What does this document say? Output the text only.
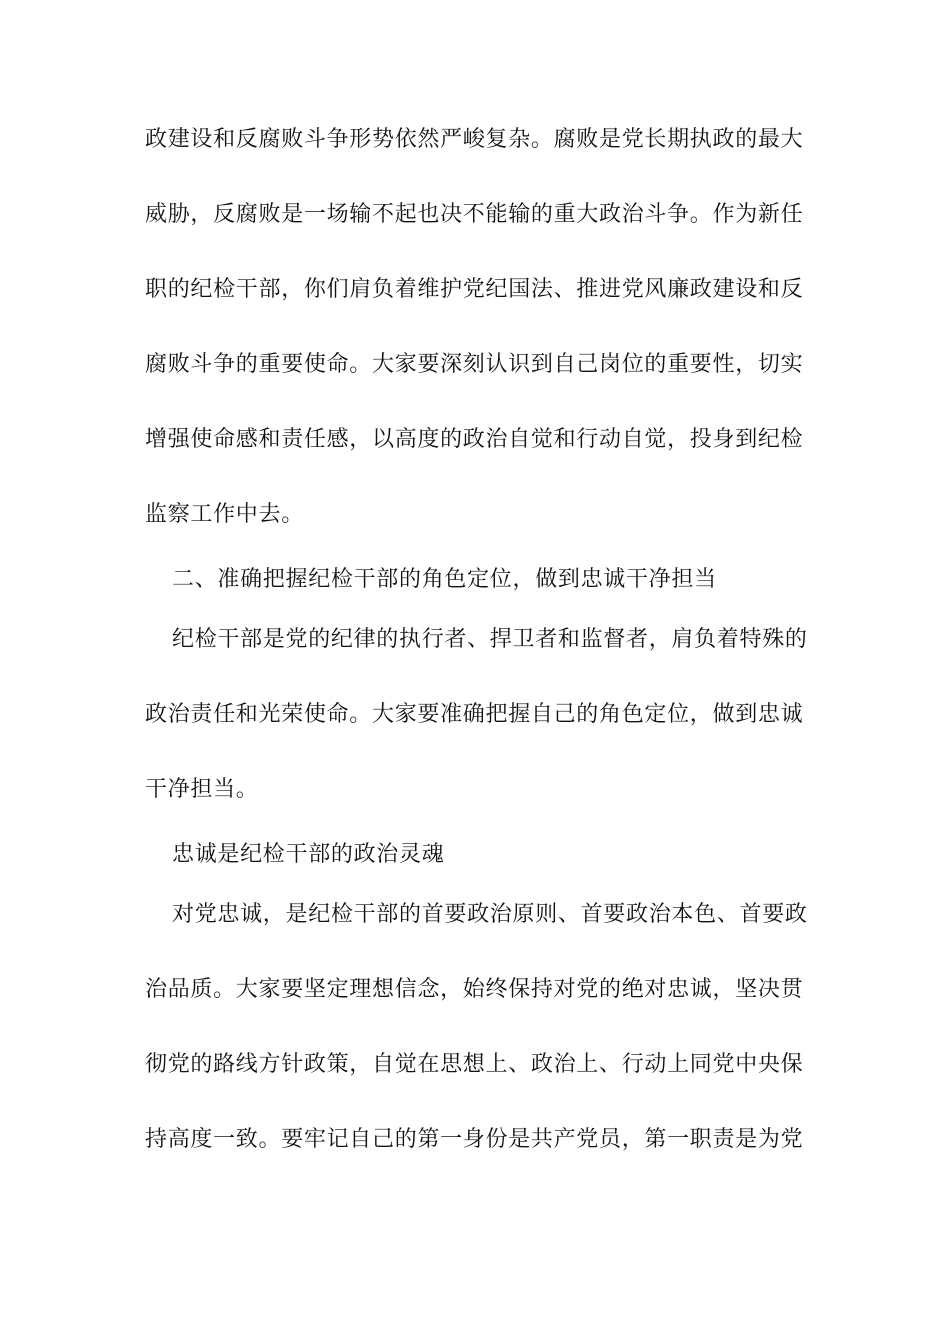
政建设和反腐败斗争形势依然严峻复杂。腐败是党长期执政的最大
威胁，反腐败是一场输不起也决不能输的重大政治斗争。作为新任
职的纪检干部，你们肩负着维护党纪国法、推进党风廉政建设和反
腐败斗争的重要使命。大家要深刻认识到自己岗位的重要性，切实
增强使命感和责任感，以高度的政治自觉和行动自觉，投身到纪检
监察工作中去。
二、准确把握纪检干部的角色定位，做到忠诚干净担当
纪检干部是党的纪律的执行者、捍卫者和监督者，肩负着特殊的
政治责任和光荣使命。大家要准确把握自己的角色定位，做到忠诚
干净担当。
忠诚是纪检干部的政治灵魂
对党忠诚，是纪检干部的首要政治原则、首要政治本色、首要政
治品质。大家要坚定理想信念，始终保持对党的绝对忠诚，坚决贯
彻党的路线方针政策，自觉在思想上、政治上、行动上同党中央保
持高度一致。要牢记自己的第一身份是共产党员，第一职责是为党
